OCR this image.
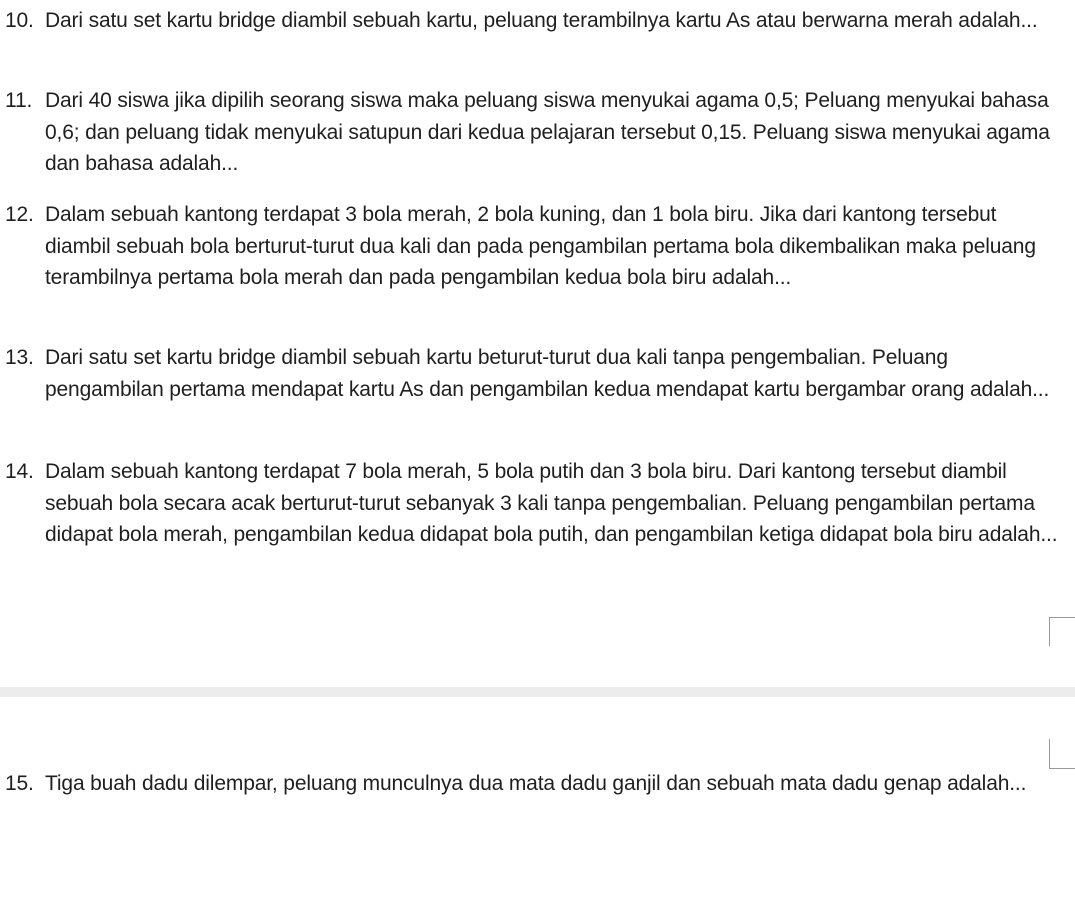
10. Dari satu set kartu bridge diambil sebuah kartu, peluang terambilnya kartu As atau berwarna merah adalah...
11. Dari 40 siswa jika dipilih seorang siswa maka peluang siswa menyukai agama 0,5; Peluang menyukai bahasa 0,6; dan peluang tidak menyukai satupun dari kedua pelajaran tersebut 0,15. Peluang siswa menyukai agama dan bahasa adalah...
12. Dalam sebuah kantong terdapat 3 bola merah, 2 bola kuning, dan 1 bola biru. Jika dari kantong tersebut diambil sebuah bola berturut-turut dua kali dan pada pengambilan pertama bola dikembalikan maka peluang terambilnya pertama bola merah dan pada pengambilan kedua bola biru adalah...
13. Dari satu set kartu bridge diambil sebuah kartu beturut-turut dua kali tanpa pengembalian. Peluang pengambilan pertama mendapat kartu As dan pengambilan kedua mendapat kartu bergambar orang adalah...
14. Dalam sebuah kantong terdapat 7 bola merah, 5 bola putih dan 3 bola biru. Dari kantong tersebut diambil sebuah bola secara acak berturut-turut sebanyak 3 kali tanpa pengembalian. Peluang pengambilan pertama didapat bola merah, pengambilan kedua didapat bola putih, dan pengambilan ketiga didapat bola biru adalah...
15. Tiga buah dadu dilempar, peluang munculnya dua mata dadu ganjil dan sebuah mata dadu genap adalah...
